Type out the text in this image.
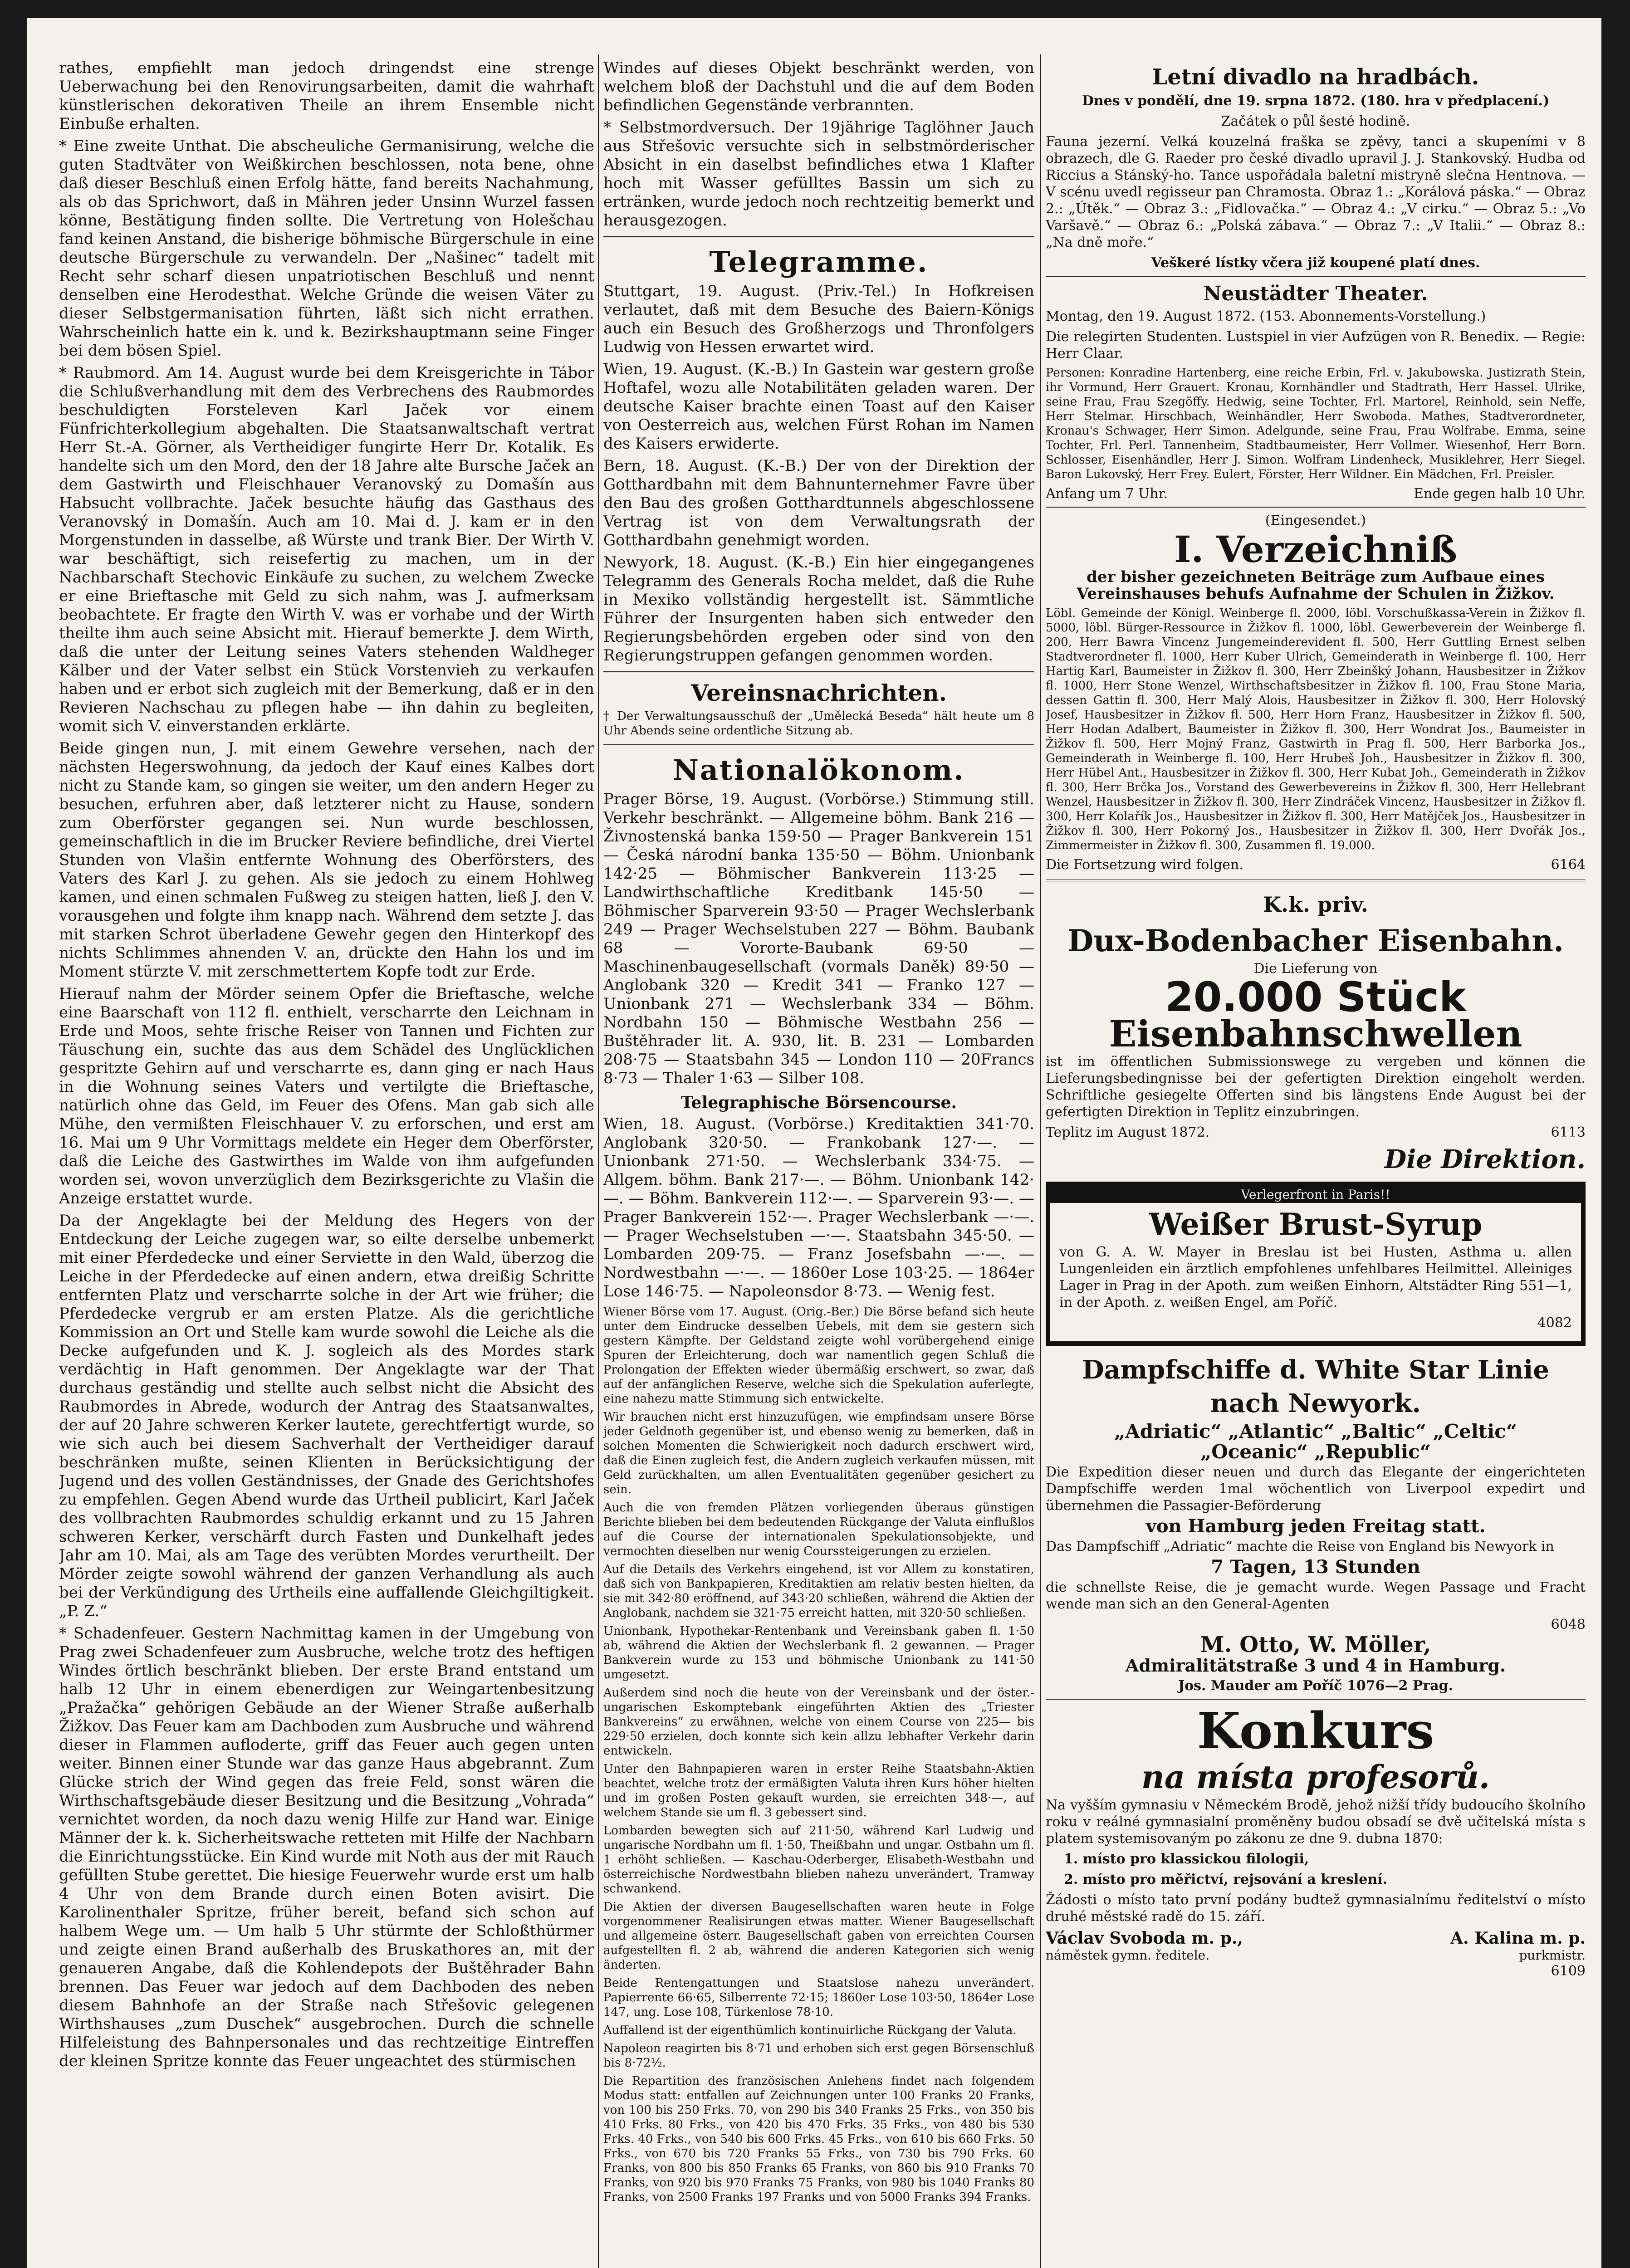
rathes, empfiehlt man jedoch dringendst eine strenge Ueberwachung bei den Renovirungsarbeiten, damit die wahrhaft künstlerischen dekorativen Theile an ihrem Ensemble nicht Einbuße erhalten.

* Eine zweite Unthat. Die abscheuliche Germanisirung, welche die guten Stadtväter von Weißkirchen beschlossen, nota bene, ohne daß dieser Beschluß einen Erfolg hätte, fand bereits Nachahmung, als ob das Sprichwort, daß in Mähren jeder Unsinn Wurzel fassen könne, Bestätigung finden sollte. Die Vertretung von Holešchau fand keinen Anstand, die bisherige böhmische Bürgerschule in eine deutsche Bürgerschule zu verwandeln. Der „Našinec“ tadelt mit Recht sehr scharf diesen unpatriotischen Beschluß und nennt denselben eine Herodesthat. Welche Gründe die weisen Väter zu dieser Selbstgermanisation führten, läßt sich nicht errathen. Wahrscheinlich hatte ein k. und k. Bezirkshauptmann seine Finger bei dem bösen Spiel.

* Raubmord. Am 14. August wurde bei dem Kreisgerichte in Tábor die Schlußverhandlung mit dem des Verbrechens des Raubmordes beschuldigten Forsteleven Karl Jaček vor einem Fünfrichterkollegium abgehalten. Die Staatsanwaltschaft vertrat Herr St.-A. Görner, als Vertheidiger fungirte Herr Dr. Kotalik. Es handelte sich um den Mord, den der 18 Jahre alte Bursche Jaček an dem Gastwirth und Fleischhauer Veranovský zu Domašín aus Habsucht vollbrachte. Jaček besuchte häufig das Gasthaus des Veranovský in Domašín. Auch am 10. Mai d. J. kam er in den Morgenstunden in dasselbe, aß Würste und trank Bier. Der Wirth V. war beschäftigt, sich reisefertig zu machen, um in der Nachbarschaft Stechovic Einkäufe zu suchen, zu welchem Zwecke er eine Brieftasche mit Geld zu sich nahm, was J. aufmerksam beobachtete. Er fragte den Wirth V. was er vorhabe und der Wirth theilte ihm auch seine Absicht mit. Hierauf bemerkte J. dem Wirth, daß die unter der Leitung seines Vaters stehenden Waldheger Kälber und der Vater selbst ein Stück Vorstenvieh zu verkaufen haben und er erbot sich zugleich mit der Bemerkung, daß er in den Revieren Nachschau zu pflegen habe — ihn dahin zu begleiten, womit sich V. einverstanden erklärte.

Beide gingen nun, J. mit einem Gewehre versehen, nach der nächsten Hegerswohnung, da jedoch der Kauf eines Kalbes dort nicht zu Stande kam, so gingen sie weiter, um den andern Heger zu besuchen, erfuhren aber, daß letzterer nicht zu Hause, sondern zum Oberförster gegangen sei. Nun wurde beschlossen, gemeinschaftlich in die im Brucker Reviere befindliche, drei Viertel Stunden von Vlašin entfernte Wohnung des Oberförsters, des Vaters des Karl J. zu gehen. Als sie jedoch zu einem Hohlweg kamen, und einen schmalen Fußweg zu steigen hatten, ließ J. den V. vorausgehen und folgte ihm knapp nach. Während dem setzte J. das mit starken Schrot überladene Gewehr gegen den Hinterkopf des nichts Schlimmes ahnenden V. an, drückte den Hahn los und im Moment stürzte V. mit zerschmettertem Kopfe todt zur Erde.

Hierauf nahm der Mörder seinem Opfer die Brieftasche, welche eine Baarschaft von 112 fl. enthielt, verscharrte den Leichnam in Erde und Moos, sehte frische Reiser von Tannen und Fichten zur Täuschung ein, suchte das aus dem Schädel des Unglücklichen gespritzte Gehirn auf und verscharrte es, dann ging er nach Haus in die Wohnung seines Vaters und vertilgte die Brieftasche, natürlich ohne das Geld, im Feuer des Ofens. Man gab sich alle Mühe, den vermißten Fleischhauer V. zu erforschen, und erst am 16. Mai um 9 Uhr Vormittags meldete ein Heger dem Oberförster, daß die Leiche des Gastwirthes im Walde von ihm aufgefunden worden sei, wovon unverzüglich dem Bezirksgerichte zu Vlašin die Anzeige erstattet wurde.

Da der Angeklagte bei der Meldung des Hegers von der Entdeckung der Leiche zugegen war, so eilte derselbe unbemerkt mit einer Pferdedecke und einer Serviette in den Wald, überzog die Leiche in der Pferdedecke auf einen andern, etwa dreißig Schritte entfernten Platz und verscharrte solche in der Art wie früher; die Pferdedecke vergrub er am ersten Platze. Als die gerichtliche Kommission an Ort und Stelle kam wurde sowohl die Leiche als die Decke aufgefunden und K. J. sogleich als des Mordes stark verdächtig in Haft genommen. Der Angeklagte war der That durchaus geständig und stellte auch selbst nicht die Absicht des Raubmordes in Abrede, wodurch der Antrag des Staatsanwaltes, der auf 20 Jahre schweren Kerker lautete, gerechtfertigt wurde, so wie sich auch bei diesem Sachverhalt der Vertheidiger darauf beschränken mußte, seinen Klienten in Berücksichtigung der Jugend und des vollen Geständnisses, der Gnade des Gerichtshofes zu empfehlen. Gegen Abend wurde das Urtheil publicirt, Karl Jaček des vollbrachten Raubmordes schuldig erkannt und zu 15 Jahren schweren Kerker, verschärft durch Fasten und Dunkelhaft jedes Jahr am 10. Mai, als am Tage des verübten Mordes verurtheilt. Der Mörder zeigte sowohl während der ganzen Verhandlung als auch bei der Verkündigung des Urtheils eine auffallende Gleichgiltigkeit. „P. Z.“

* Schadenfeuer. Gestern Nachmittag kamen in der Umgebung von Prag zwei Schadenfeuer zum Ausbruche, welche trotz des heftigen Windes örtlich beschränkt blieben. Der erste Brand entstand um halb 12 Uhr in einem ebenerdigen zur Weingartenbesitzung „Pražačka“ gehörigen Gebäude an der Wiener Straße außerhalb Žižkov. Das Feuer kam am Dachboden zum Ausbruche und während dieser in Flammen aufloderte, griff das Feuer auch gegen unten weiter. Binnen einer Stunde war das ganze Haus abgebrannt. Zum Glücke strich der Wind gegen das freie Feld, sonst wären die Wirthschaftsgebäude dieser Besitzung und die Besitzung „Vohrada“ vernichtet worden, da noch dazu wenig Hilfe zur Hand war. Einige Männer der k. k. Sicherheitswache retteten mit Hilfe der Nachbarn die Einrichtungsstücke. Ein Kind wurde mit Noth aus der mit Rauch gefüllten Stube gerettet. Die hiesige Feuerwehr wurde erst um halb 4 Uhr von dem Brande durch einen Boten avisirt. Die Karolinenthaler Spritze, früher bereit, befand sich schon auf halbem Wege um. — Um halb 5 Uhr stürmte der Schloßthürmer und zeigte einen Brand außerhalb des Bruskathores an, mit der genaueren Angabe, daß die Kohlendepots der Buštěhrader Bahn brennen. Das Feuer war jedoch auf dem Dachboden des neben diesem Bahnhofe an der Straße nach Střešovic gelegenen Wirthshauses „zum Duschek“ ausgebrochen. Durch die schnelle Hilfeleistung des Bahnpersonales und das rechtzeitige Eintreffen der kleinen Spritze konnte das Feuer ungeachtet des stürmischen

Windes auf dieses Objekt beschränkt werden, von welchem bloß der Dachstuhl und die auf dem Boden befindlichen Gegenstände verbrannten.

* Selbstmordversuch. Der 19jährige Taglöhner Jauch aus Střešovic versuchte sich in selbstmörderischer Absicht in ein daselbst befindliches etwa 1 Klafter hoch mit Wasser gefülltes Bassin um sich zu ertränken, wurde jedoch noch rechtzeitig bemerkt und herausgezogen.

Telegramme.

Stuttgart, 19. August. (Priv.-Tel.) In Hofkreisen verlautet, daß mit dem Besuche des Baiern-Königs auch ein Besuch des Großherzogs und Thronfolgers Ludwig von Hessen erwartet wird.

Wien, 19. August. (K.-B.) In Gastein war gestern große Hoftafel, wozu alle Notabilitäten geladen waren. Der deutsche Kaiser brachte einen Toast auf den Kaiser von Oesterreich aus, welchen Fürst Rohan im Namen des Kaisers erwiderte.

Bern, 18. August. (K.-B.) Der von der Direktion der Gotthardbahn mit dem Bahnunternehmer Favre über den Bau des großen Gotthardtunnels abgeschlossene Vertrag ist von dem Verwaltungsrath der Gotthardbahn genehmigt worden.

Newyork, 18. August. (K.-B.) Ein hier eingegangenes Telegramm des Generals Rocha meldet, daß die Ruhe in Mexiko vollständig hergestellt ist. Sämmtliche Führer der Insurgenten haben sich entweder den Regierungsbehörden ergeben oder sind von den Regierungstruppen gefangen genommen worden.

Vereinsnachrichten.

† Der Verwaltungsausschuß der „Umělecká Beseda“ hält heute um 8 Uhr Abends seine ordentliche Sitzung ab.

Nationalökonom.

Prager Börse, 19. August. (Vorbörse.) Stimmung still. Verkehr beschränkt. — Allgemeine böhm. Bank 216 — Živnostenská banka 159·50 — Prager Bankverein 151 — Česká národní banka 135·50 — Böhm. Unionbank 142·25 — Böhmischer Bankverein 113·25 — Landwirthschaftliche Kreditbank 145·50 — Böhmischer Sparverein 93·50 — Prager Wechslerbank 249 — Prager Wechselstuben 227 — Böhm. Baubank 68 — Vororte-Baubank 69·50 — Maschinenbaugesellschaft (vormals Daněk) 89·50 — Anglobank 320 — Kredit 341 — Franko 127 — Unionbank 271 — Wechslerbank 334 — Böhm. Nordbahn 150 — Böhmische Westbahn 256 — Buštěhrader lit. A. 930, lit. B. 231 — Lombarden 208·75 — Staatsbahn 345 — London 110 — 20Francs 8·73 — Thaler 1·63 — Silber 108.

Telegraphische Börsencourse.

Wien, 18. August. (Vorbörse.) Kreditaktien 341·70. Anglobank 320·50. — Frankobank 127·—. — Unionbank 271·50. — Wechslerbank 334·75. — Allgem. böhm. Bank 217·—. — Böhm. Unionbank 142·—. — Böhm. Bankverein 112·—. — Sparverein 93·—. — Prager Bankverein 152·—. Prager Wechslerbank —·—. — Prager Wechselstuben —·—. Staatsbahn 345·50. — Lombarden 209·75. — Franz Josefsbahn —·—. — Nordwestbahn —·—. — 1860er Lose 103·25. — 1864er Lose 146·75. — Napoleonsdor 8·73. — Wenig fest.

Wiener Börse vom 17. August. (Orig.-Ber.) Die Börse befand sich heute unter dem Eindrucke desselben Uebels, mit dem sie gestern sich gestern Kämpfte. Der Geldstand zeigte wohl vorübergehend einige Spuren der Erleichterung, doch war namentlich gegen Schluß die Prolongation der Effekten wieder übermäßig erschwert, so zwar, daß auf der anfänglichen Reserve, welche sich die Spekulation auferlegte, eine nahezu matte Stimmung sich entwickelte.

Wir brauchen nicht erst hinzuzufügen, wie empfindsam unsere Börse jeder Geldnoth gegenüber ist, und ebenso wenig zu bemerken, daß in solchen Momenten die Schwierigkeit noch dadurch erschwert wird, daß die Einen zugleich fest, die Andern zugleich verkaufen müssen, mit Geld zurückhalten, um allen Eventualitäten gegenüber gesichert zu sein.

Auch die von fremden Plätzen vorliegenden überaus günstigen Berichte blieben bei dem bedeutenden Rückgange der Valuta einflußlos auf die Course der internationalen Spekulationsobjekte, und vermochten dieselben nur wenig Courssteigerungen zu erzielen.

Auf die Details des Verkehrs eingehend, ist vor Allem zu konstatiren, daß sich von Bankpapieren, Kreditaktien am relativ besten hielten, da sie mit 342·80 eröffnend, auf 343·20 schließen, während die Aktien der Anglobank, nachdem sie 321·75 erreicht hatten, mit 320·50 schließen.

Unionbank, Hypothekar-Rentenbank und Vereinsbank gaben fl. 1·50 ab, während die Aktien der Wechslerbank fl. 2 gewannen. — Prager Bankverein wurde zu 153 und böhmische Unionbank zu 141·50 umgesetzt.

Außerdem sind noch die heute von der Vereinsbank und der öster.-ungarischen Eskomptebank eingeführten Aktien des „Triester Bankvereins“ zu erwähnen, welche von einem Course von 225— bis 229·50 erzielen, doch konnte sich kein allzu lebhafter Verkehr darin entwickeln.

Unter den Bahnpapieren waren in erster Reihe Staatsbahn-Aktien beachtet, welche trotz der ermäßigten Valuta ihren Kurs höher hielten und im großen Posten gekauft wurden, sie erreichten 348·—, auf welchem Stande sie um fl. 3 gebessert sind.

Lombarden bewegten sich auf 211·50, während Karl Ludwig und ungarische Nordbahn um fl. 1·50, Theißbahn und ungar. Ostbahn um fl. 1 erhöht schließen. — Kaschau-Oderberger, Elisabeth-Westbahn und österreichische Nordwestbahn blieben nahezu unverändert, Tramway schwankend.

Die Aktien der diversen Baugesellschaften waren heute in Folge vorgenommener Realisirungen etwas matter. Wiener Baugesellschaft und allgemeine österr. Baugesellschaft gaben von erreichten Coursen aufgestellten fl. 2 ab, während die anderen Kategorien sich wenig änderten.

Beide Rentengattungen und Staatslose nahezu unverändert. Papierrente 66·65, Silberrente 72·15; 1860er Lose 103·50, 1864er Lose 147, ung. Lose 108, Türkenlose 78·10.

Auffallend ist der eigenthümlich kontinuirliche Rückgang der Valuta.

Napoleon reagirten bis 8·71 und erhoben sich erst gegen Börsenschluß bis 8·72½.

Die Repartition des französischen Anlehens findet nach folgendem Modus statt: entfallen auf Zeichnungen unter 100 Franks 20 Franks, von 100 bis 250 Frks. 70, von 290 bis 340 Franks 25 Frks., von 350 bis 410 Frks. 80 Frks., von 420 bis 470 Frks. 35 Frks., von 480 bis 530 Frks. 40 Frks., von 540 bis 600 Frks. 45 Frks., von 610 bis 660 Frks. 50 Frks., von 670 bis 720 Franks 55 Frks., von 730 bis 790 Frks. 60 Franks, von 800 bis 850 Franks 65 Franks, von 860 bis 910 Franks 70 Franks, von 920 bis 970 Franks 75 Franks, von 980 bis 1040 Franks 80 Franks, von 2500 Franks 197 Franks und von 5000 Franks 394 Franks.

Letní divadlo na hradbách.

Dnes v pondělí, dne 19. srpna 1872. (180. hra v předplacení.)

Začátek o půl šesté hodině.

Fauna jezerní. Velká kouzelná fraška se zpěvy, tanci a skupeními v 8 obrazech, dle G. Raeder pro české divadlo upravil J. J. Stankovský. Hudba od Riccius a Stánský-ho. Tance uspořádala baletní mistryně slečna Hentnova. — V scénu uvedl regisseur pan Chramosta. Obraz 1.: „Korálová páska.“ — Obraz 2.: „Útěk.“ — Obraz 3.: „Fidlovačka.“ — Obraz 4.: „V cirku.“ — Obraz 5.: „Vo Varšavě.“ — Obraz 6.: „Polská zábava.“ — Obraz 7.: „V Italii.“ — Obraz 8.: „Na dně moře.“

Veškeré lístky včera již koupené platí dnes.

Neustädter Theater.

Montag, den 19. August 1872. (153. Abonnements-Vorstellung.)

Die relegirten Studenten. Lustspiel in vier Aufzügen von R. Benedix. — Regie: Herr Claar.

Personen: Konradine Hartenberg, eine reiche Erbin, Frl. v. Jakubowska. Justizrath Stein, ihr Vormund, Herr Grauert. Kronau, Kornhändler und Stadtrath, Herr Hassel. Ulrike, seine Frau, Frau Szegöffy. Hedwig, seine Tochter, Frl. Martorel, Reinhold, sein Neffe, Herr Stelmar. Hirschbach, Weinhändler, Herr Swoboda. Mathes, Stadtverordneter, Kronau's Schwager, Herr Simon. Adelgunde, seine Frau, Frau Wolfrabe. Emma, seine Tochter, Frl. Perl. Tannenheim, Stadtbaumeister, Herr Vollmer. Wiesenhof, Herr Born. Schlosser, Eisenhändler, Herr J. Simon. Wolfram Lindenheck, Musiklehrer, Herr Siegel. Baron Lukovský, Herr Frey. Eulert, Förster, Herr Wildner. Ein Mädchen, Frl. Preisler.

Anfang um 7 Uhr.	Ende gegen halb 10 Uhr.

(Eingesendet.)

I. Verzeichniß

der bisher gezeichneten Beiträge zum Aufbaue eines Vereinshauses behufs Aufnahme der Schulen in Žižkov.

Löbl. Gemeinde der Königl. Weinberge fl. 2000, löbl. Vorschußkassa-Verein in Žižkov fl. 5000, löbl. Bürger-Ressource in Žižkov fl. 1000, löbl. Gewerbeverein der Weinberge fl. 200, Herr Bawra Vincenz Jungemeinderevident fl. 500, Herr Guttling Ernest selben Stadtverordneter fl. 1000, Herr Kuber Ulrich, Gemeinderath in Weinberge fl. 100, Herr Hartig Karl, Baumeister in Žižkov fl. 300, Herr Zbeinšký Johann, Hausbesitzer in Žižkov fl. 1000, Herr Stone Wenzel, Wirthschaftsbesitzer in Žižkov fl. 100, Frau Stone Maria, dessen Gattin fl. 300, Herr Malý Alois, Hausbesitzer in Žižkov fl. 300, Herr Holovský Josef, Hausbesitzer in Žižkov fl. 500, Herr Horn Franz, Hausbesitzer in Žižkov fl. 500, Herr Hodan Adalbert, Baumeister in Žižkov fl. 300, Herr Wondrat Jos., Baumeister in Žižkov fl. 500, Herr Mojný Franz, Gastwirth in Prag fl. 500, Herr Barborka Jos., Gemeinderath in Weinberge fl. 100, Herr Hrubeš Joh., Hausbesitzer in Žižkov fl. 300, Herr Hübel Ant., Hausbesitzer in Žižkov fl. 300, Herr Kubat Joh., Gemeinderath in Žižkov fl. 300, Herr Brčka Jos., Vorstand des Gewerbevereins in Žižkov fl. 300, Herr Hellebrant Wenzel, Hausbesitzer in Žižkov fl. 300, Herr Zindráček Vincenz, Hausbesitzer in Žižkov fl. 300, Herr Kolařík Jos., Hausbesitzer in Žižkov fl. 300, Herr Matějček Jos., Hausbesitzer in Žižkov fl. 300, Herr Pokorný Jos., Hausbesitzer in Žižkov fl. 300, Herr Dvořák Jos., Zimmermeister in Žižkov fl. 300, Zusammen fl. 19.000.

Die Fortsetzung wird folgen.	6164

K.k. priv.
Dux-Bodenbacher Eisenbahn.

Die Lieferung von

20.000 Stück
Eisenbahnschwellen

ist im öffentlichen Submissionswege zu vergeben und können die Lieferungsbedingnisse bei der gefertigten Direktion eingeholt werden. Schriftliche gesiegelte Offerten sind bis längstens Ende August bei der gefertigten Direktion in Teplitz einzubringen.

Teplitz im August 1872.	6113

Die Direktion.
Verlegerfront in Paris!!
Weißer Brust-Syrup

von G. A. W. Mayer in Breslau ist bei Husten, Asthma u. allen Lungenleiden ein ärztlich empfohlenes unfehlbares Heilmittel. Alleiniges Lager in Prag in der Apoth. zum weißen Einhorn, Altstädter Ring 551—1, in der Apoth. z. weißen Engel, am Poříč.

4082

Dampfschiffe d. White Star Linie nach Newyork.

„Adriatic“ „Atlantic“ „Baltic“ „Celtic“

„Oceanic“ „Republic“

Die Expedition dieser neuen und durch das Elegante der eingerichteten Dampfschiffe werden 1mal wöchentlich von Liverpool expedirt und übernehmen die Passagier-Beförderung

von Hamburg jeden Freitag statt.

Das Dampfschiff „Adriatic“ machte die Reise von England bis Newyork in

7 Tagen, 13 Stunden

die schnellste Reise, die je gemacht wurde. Wegen Passage und Fracht wende man sich an den General-Agenten

6048

M. Otto, W. Möller,

Admiralitätstraße 3 und 4 in Hamburg.

Jos. Mauder am Poříč 1076—2 Prag.

Konkurs
na místa profesorů.

Na vyšším gymnasiu v Německém Brodě, jehož nižší třídy budoucího školního roku v reálné gymnasialní proměněny budou obsadí se dvě učitelská místa s platem systemisovaným po zákonu ze dne 9. dubna 1870:

1. místo pro klassickou filologii,

2. místo pro měřictví, rejsování a kreslení.

Žádosti o místo tato první podány budtež gymnasialnímu ředitelství o místo druhé městské radě do 15. září.

Václav Svoboda m. p.,	A. Kalina m. p.
náměstek gymn. ředitele.	purkmistr.

6109
